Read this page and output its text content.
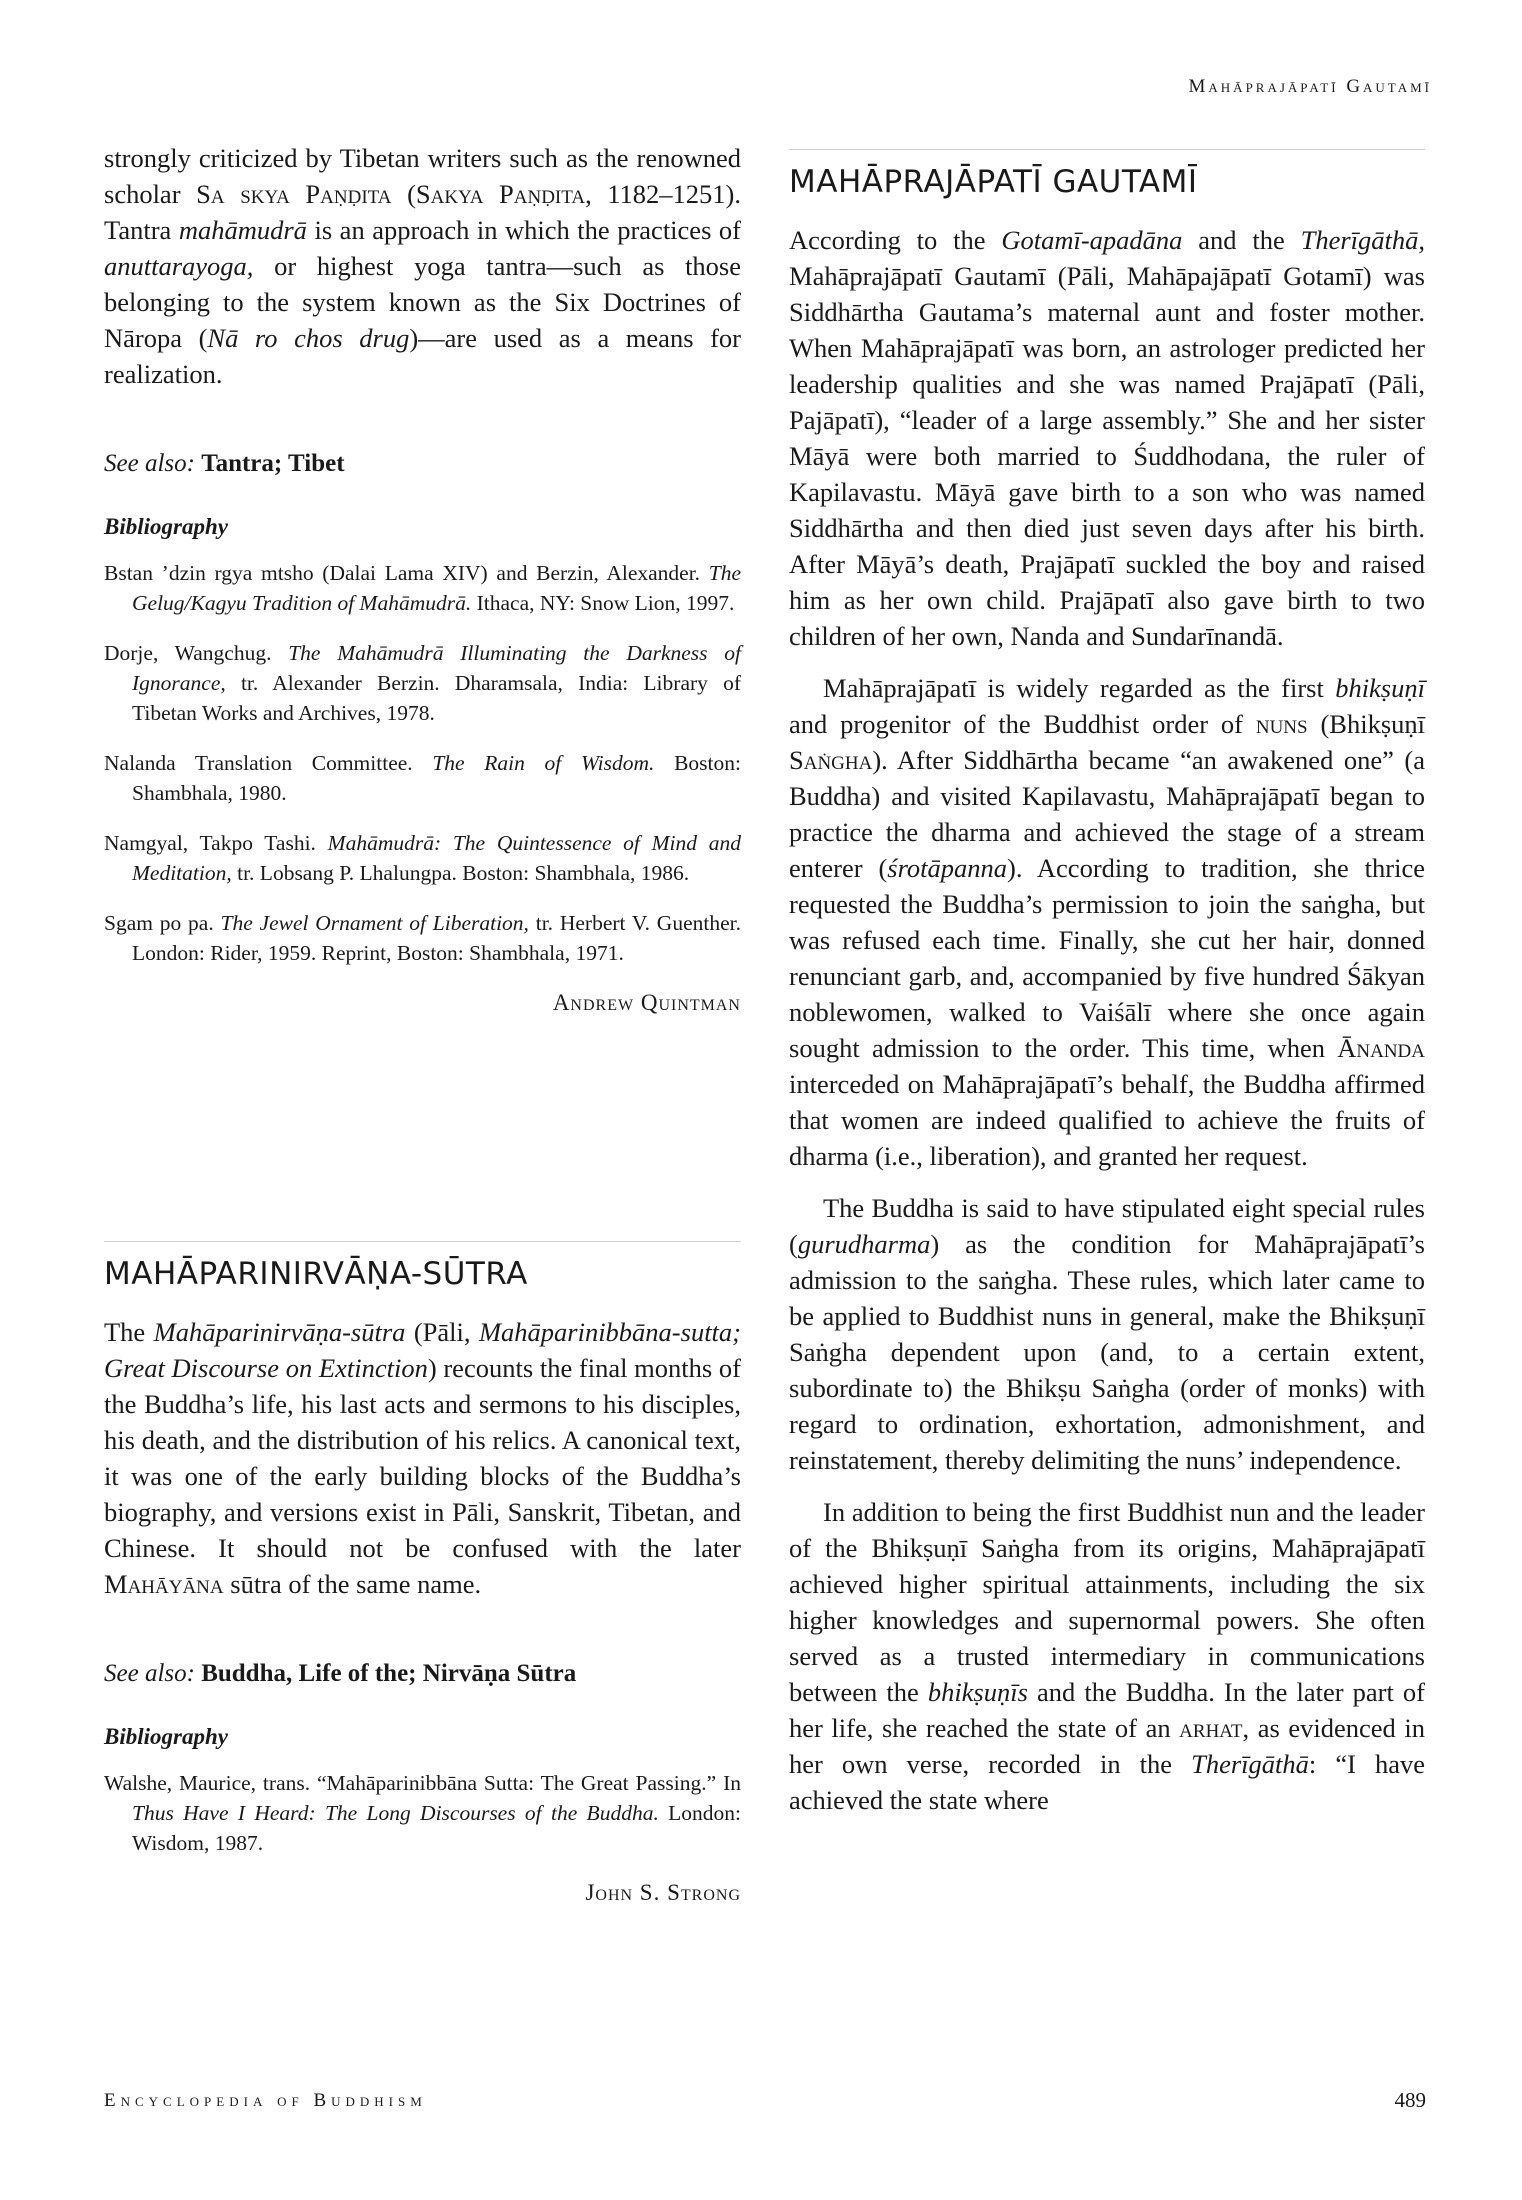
Mahāprajāpatī Gautamī

strongly criticized by Tibetan writers such as the renowned scholar Sa skya Paṇḍita (Sakya Paṇḍita, 1182–1251). Tantra mahāmudrā is an approach in which the practices of anuttarayoga, or highest yoga tantra—such as those belonging to the system known as the Six Doctrines of Nāropa (Nā ro chos drug)—are used as a means for realization.

See also: Tantra; Tibet
Bibliography

Bstan ’dzin rgya mtsho (Dalai Lama XIV) and Berzin, Alexander. The Gelug/Kagyu Tradition of Mahāmudrā. Ithaca, NY: Snow Lion, 1997.

Dorje, Wangchug. The Mahāmudrā Illuminating the Darkness of Ignorance, tr. Alexander Berzin. Dharamsala, India: Library of Tibetan Works and Archives, 1978.

Nalanda Translation Committee. The Rain of Wisdom. Boston: Shambhala, 1980.

Namgyal, Takpo Tashi. Mahāmudrā: The Quintessence of Mind and Meditation, tr. Lobsang P. Lhalungpa. Boston: Shambhala, 1986.

Sgam po pa. The Jewel Ornament of Liberation, tr. Herbert V. Guenther. London: Rider, 1959. Reprint, Boston: Shambhala, 1971.

Andrew Quintman
MAHĀPARINIRVĀṆA-SŪTRA

The Mahāparinirvāṇa-sūtra (Pāli, Mahāparinibbāna-sutta; Great Discourse on Extinction) recounts the final months of the Buddha’s life, his last acts and sermons to his disciples, his death, and the distribution of his relics. A canonical text, it was one of the early building blocks of the Buddha’s biography, and versions exist in Pāli, Sanskrit, Tibetan, and Chinese. It should not be confused with the later Mahāyāna sūtra of the same name.

See also: Buddha, Life of the; Nirvāṇa Sūtra
Bibliography

Walshe, Maurice, trans. “Mahāparinibbāna Sutta: The Great Passing.” In Thus Have I Heard: The Long Discourses of the Buddha. London: Wisdom, 1987.

John S. Strong
MAHĀPRAJĀPATĪ GAUTAMĪ

According to the Gotamī-apadāna and the Therīgāthā, Mahāprajāpatī Gautamī (Pāli, Mahāpajāpatī Gotamī) was Siddhārtha Gautama’s maternal aunt and foster mother. When Mahāprajāpatī was born, an astrologer predicted her leadership qualities and she was named Prajāpatī (Pāli, Pajāpatī), “leader of a large assembly.” She and her sister Māyā were both married to Śuddhodana, the ruler of Kapilavastu. Māyā gave birth to a son who was named Siddhārtha and then died just seven days after his birth. After Māyā’s death, Prajāpatī suckled the boy and raised him as her own child. Prajāpatī also gave birth to two children of her own, Nanda and Sundarīnandā.

Mahāprajāpatī is widely regarded as the first bhikṣuṇī and progenitor of the Buddhist order of nuns (Bhikṣuṇī Saṅgha). After Siddhārtha became “an awakened one” (a Buddha) and visited Kapilavastu, Mahāprajāpatī began to practice the dharma and achieved the stage of a stream enterer (śrotāpanna). According to tradition, she thrice requested the Buddha’s permission to join the saṅgha, but was refused each time. Finally, she cut her hair, donned renunciant garb, and, accompanied by five hundred Śākyan noblewomen, walked to Vaiśālī where she once again sought admission to the order. This time, when Ānanda interceded on Mahāprajāpatī’s behalf, the Buddha affirmed that women are indeed qualified to achieve the fruits of dharma (i.e., liberation), and granted her request.

The Buddha is said to have stipulated eight special rules (gurudharma) as the condition for Mahāprajāpatī’s admission to the saṅgha. These rules, which later came to be applied to Buddhist nuns in general, make the Bhikṣuṇī Saṅgha dependent upon (and, to a certain extent, subordinate to) the Bhikṣu Saṅgha (order of monks) with regard to ordination, exhortation, admonishment, and reinstatement, thereby delimiting the nuns’ independence.

In addition to being the first Buddhist nun and the leader of the Bhikṣuṇī Saṅgha from its origins, Mahāprajāpatī achieved higher spiritual attainments, including the six higher knowledges and supernormal powers. She often served as a trusted intermediary in communications between the bhikṣuṇīs and the Buddha. In the later part of her life, she reached the state of an arhat, as evidenced in her own verse, recorded in the Therīgāthā: “I have achieved the state where

Encyclopedia of Buddhism	489
